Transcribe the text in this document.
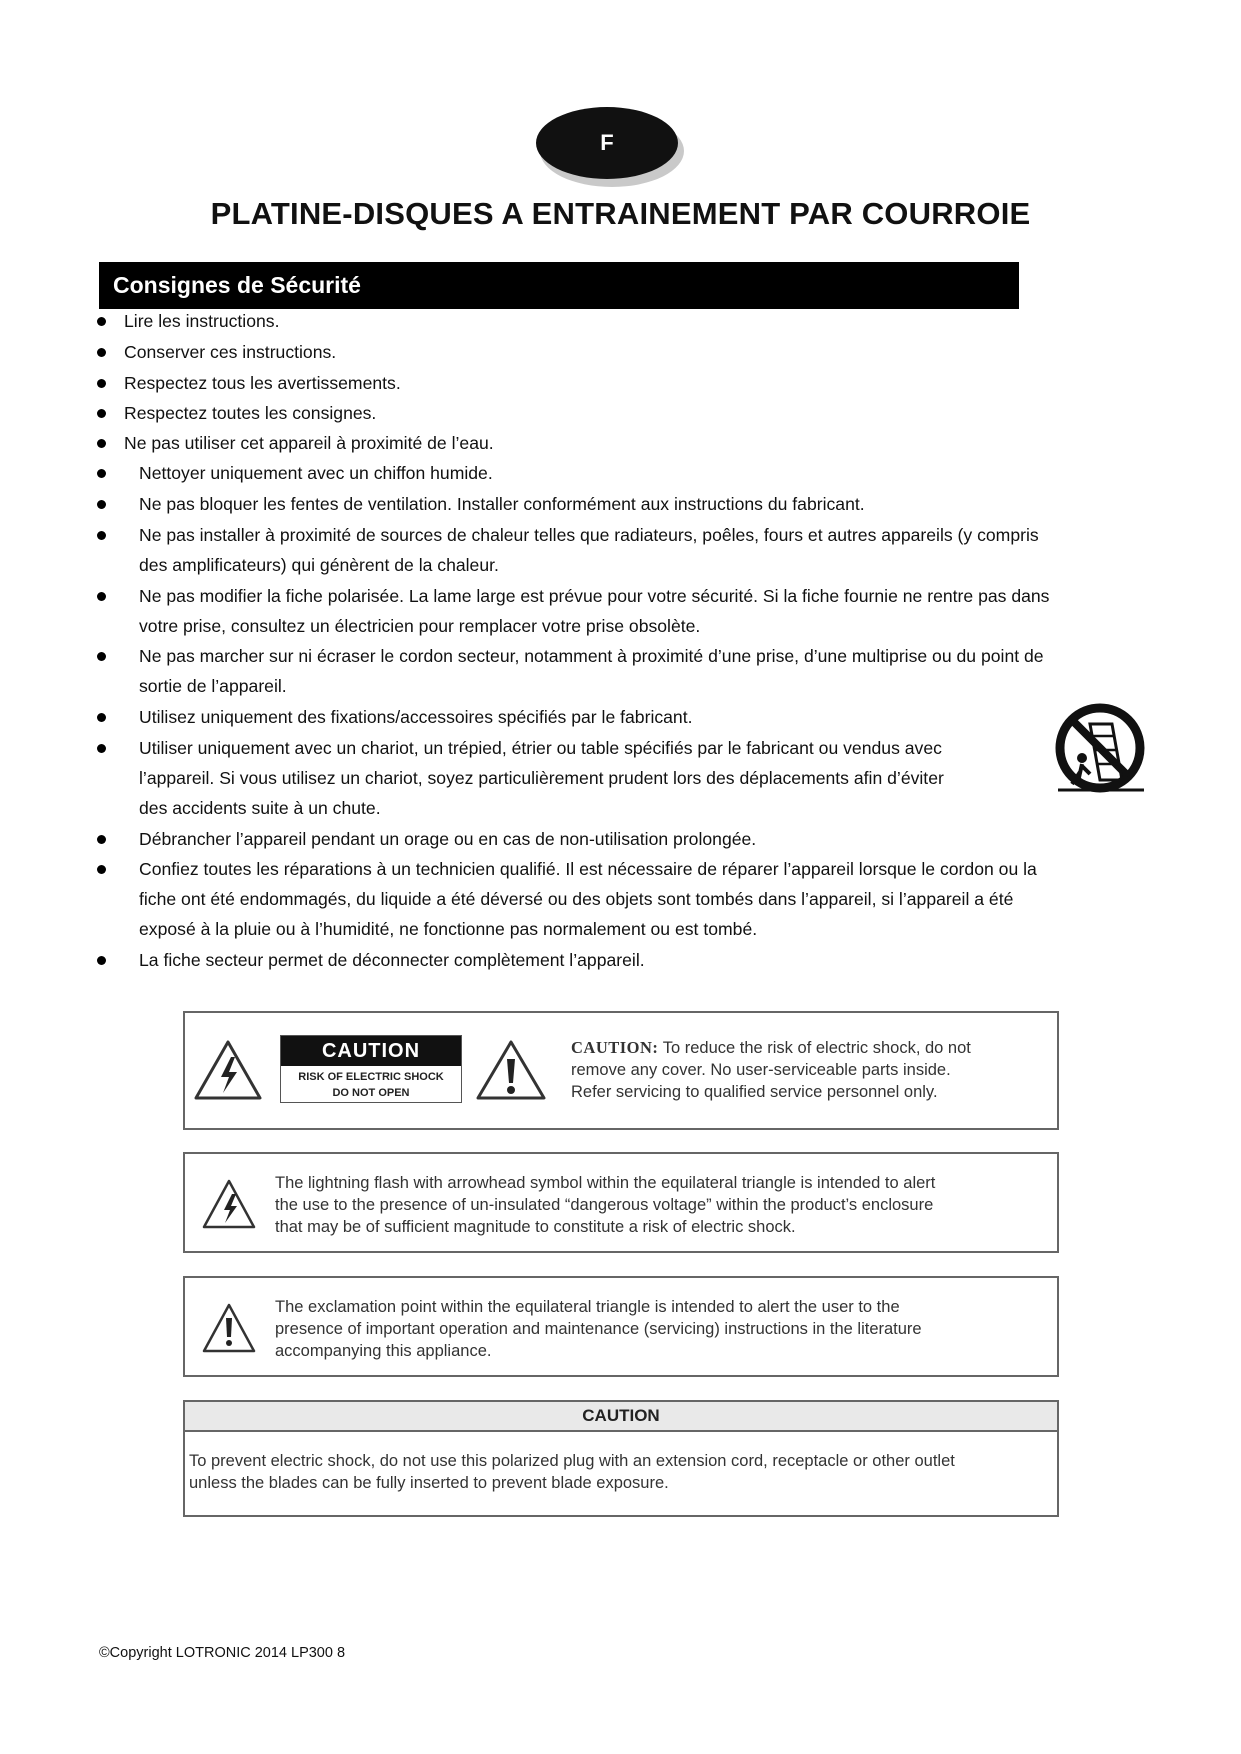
F
PLATINE-DISQUES A ENTRAINEMENT PAR COURROIE
Consignes de Sécurité
Lire les instructions.
Conserver ces instructions.
Respectez tous les avertissements.
Respectez toutes les consignes.
Ne pas utiliser cet appareil à proximité de l’eau.
Nettoyer uniquement avec un chiffon humide.
Ne pas bloquer les fentes de ventilation. Installer conformément aux instructions du fabricant.
Ne pas installer à proximité de sources de chaleur telles que radiateurs, poêles, fours et autres appareils (y compris
des amplificateurs) qui génèrent de la chaleur.
Ne pas modifier la fiche polarisée. La lame large est prévue pour votre sécurité. Si la fiche fournie ne rentre pas dans
votre prise, consultez un électricien pour remplacer votre prise obsolète.
Ne pas marcher sur ni écraser le cordon secteur, notamment à proximité d’une prise, d’une multiprise ou du point de
sortie de l’appareil.
Utilisez uniquement des fixations/accessoires spécifiés par le fabricant.
Utiliser uniquement avec un chariot, un trépied, étrier ou table spécifiés par le fabricant ou vendus avec
l’appareil. Si vous utilisez un chariot, soyez particulièrement prudent lors des déplacements afin d’éviter
des accidents suite à un chute.
Débrancher l’appareil pendant un orage ou en cas de non-utilisation prolongée.
Confiez toutes les réparations à un technicien qualifié. Il est nécessaire de réparer l’appareil lorsque le cordon ou la
fiche ont été endommagés, du liquide a été déversé ou des objets sont tombés dans l’appareil, si l’appareil a été
exposé à la pluie ou à l’humidité, ne fonctionne pas normalement ou est tombé.
La fiche secteur permet de déconnecter complètement l’appareil.
CAUTION
RISK OF ELECTRIC SHOCK
DO NOT OPEN
CAUTION: To reduce the risk of electric shock, do not
remove any cover. No user-serviceable parts inside.
Refer servicing to qualified service personnel only.
The lightning flash with arrowhead symbol within the equilateral triangle is intended to alert
the use to the presence of un-insulated “dangerous voltage” within the product’s enclosure
that may be of sufficient magnitude to constitute a risk of electric shock.
The exclamation point within the equilateral triangle is intended to alert the user to the
presence of important operation and maintenance (servicing) instructions in the literature
accompanying this appliance.
CAUTION
To prevent electric shock, do not use this polarized plug with an extension cord, receptacle or other outlet
unless the blades can be fully inserted to prevent blade exposure.
©Copyright LOTRONIC 2014 LP300 8
